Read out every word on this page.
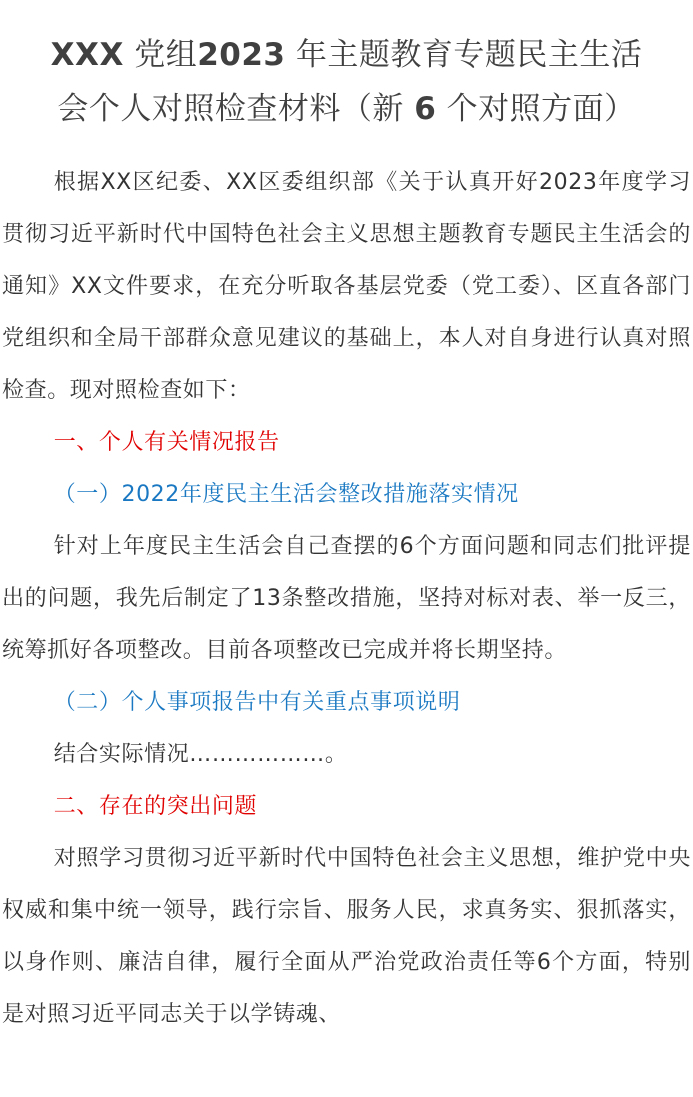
XXX 党组2023 年主题教育专题民主生活
会个人对照检查材料（新 6 个对照方面）

根据XX区纪委、XX区委组织部《关于认真开好2023年度学习贯彻习近平新时代中国特色社会主义思想主题教育专题民主生活会的通知》XX文件要求，在充分听取各基层党委（党工委）、区直各部门党组织和全局干部群众意见建议的基础上，本人对自身进行认真对照检查。现对照检查如下：

一、个人有关情况报告

（一）2022年度民主生活会整改措施落实情况

针对上年度民主生活会自己查摆的6个方面问题和同志们批评提出的问题，我先后制定了13条整改措施，坚持对标对表、举一反三，统筹抓好各项整改。目前各项整改已完成并将长期坚持。

（二）个人事项报告中有关重点事项说明

结合实际情况………………。

二、存在的突出问题

对照学习贯彻习近平新时代中国特色社会主义思想，维护党中央权威和集中统一领导，践行宗旨、服务人民，求真务实、狠抓落实，以身作则、廉洁自律，履行全面从严治党政治责任等6个方面，特别是对照习近平同志关于以学铸魂、
